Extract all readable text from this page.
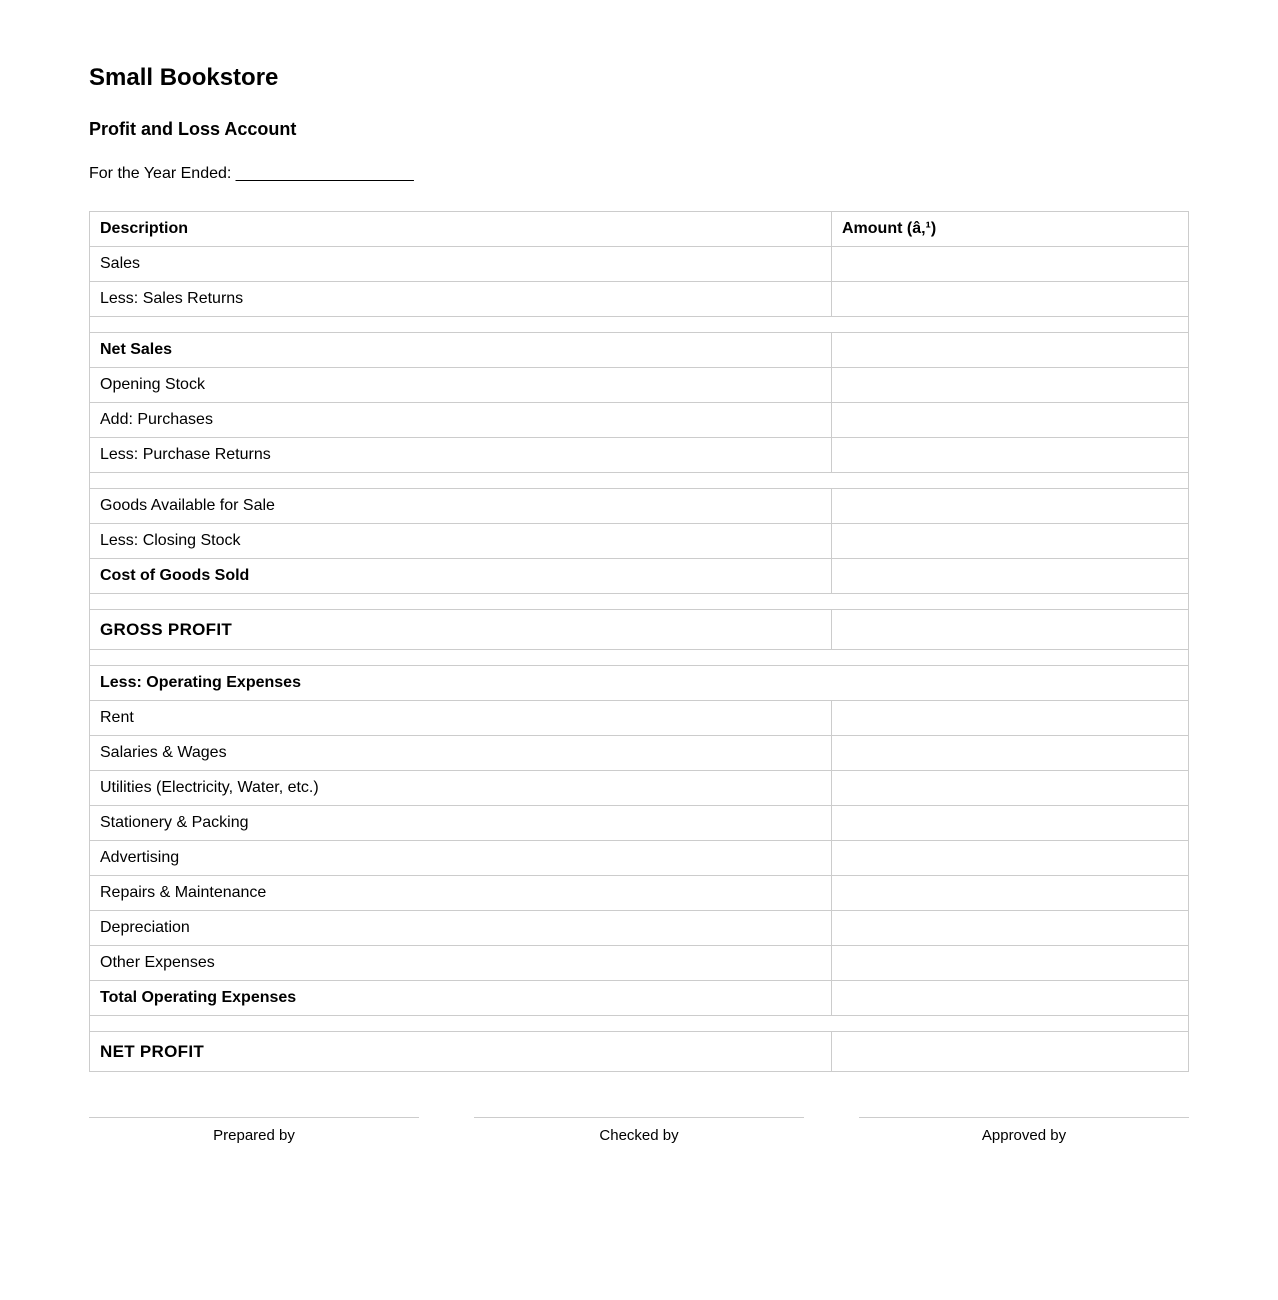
Small Bookstore
Profit and Loss Account

For the Year Ended: ____________________

Description	Amount (â‚¹)
Sales	
Less: Sales Returns	

Net Sales	
Opening Stock	
Add: Purchases	
Less: Purchase Returns	

Goods Available for Sale	
Less: Closing Stock	
Cost of Goods Sold	

GROSS PROFIT	

Less: Operating Expenses	
Rent	
Salaries & Wages	
Utilities (Electricity, Water, etc.)	
Stationery & Packing	
Advertising	
Repairs & Maintenance	
Depreciation	
Other Expenses	
Total Operating Expenses	

NET PROFIT	
Prepared by	Checked by	Approved by
